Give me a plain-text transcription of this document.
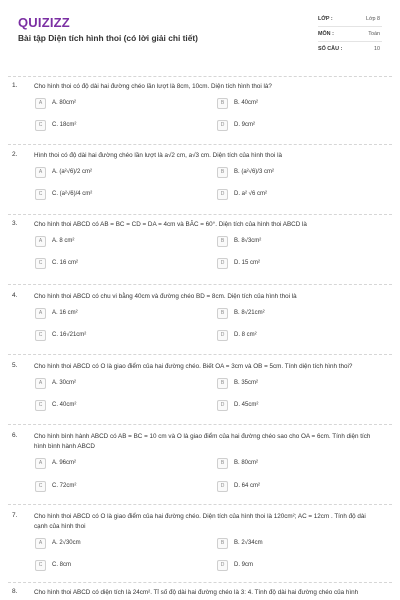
QUIZIZZ
Bài tập Diện tích hình thoi (có lời giải chi tiết)
LỚP :	Lớp 8
MÔN :	Toán
SỐ CÂU :	10
1.	Cho hình thoi có độ dài hai đường chéo lần lượt là 8cm, 10cm. Diện tích hình thoi là?
A	A. 80cm²	B	B. 40cm²
C	C. 18cm²	D	D. 9cm²
2.	Hình thoi có độ dài hai đường chéo lần lượt là a√2 cm, a√3 cm. Diện tích của hình thoi là
A	A. (a²√6)/2 cm²	B	B. (a²√6)/3 cm²
C	C. (a²√6)/4 cm²	D	D. a² √6 cm²
3.	Cho hình thoi ABCD có AB = BC = CD = DA = 4cm và BĀC = 60°. Diện tích của hình thoi ABCD là
A	A. 8 cm²	B	B. 8√3cm²
C	C. 16 cm²	D	D. 15 cm²
4.	Cho hình thoi ABCD có chu vi bằng 40cm và đường chéo BD = 8cm. Diện tích của hình thoi là
A	A. 16 cm²	B	B. 8√21cm²
C	C. 16√21cm²	D	D. 8 cm²
5.	Cho hình thoi ABCD có O là giao điểm của hai đường chéo. Biết OA = 3cm và OB = 5cm. Tính diện tích hình thoi?
A	A. 30cm²	B	B. 35cm²
C	C. 40cm²	D	D. 45cm²
6.	Cho hình bình hành ABCD có AB = BC = 10 cm và O là giao điểm của hai đường chéo sao cho OA = 6cm. Tính diện tích hình bình hành ABCD
A	A. 96cm²	B	B. 80cm²
C	C. 72cm²	D	D. 64 cm²
7.	Cho hình thoi ABCD có O là giao điểm của hai đường chéo. Diện tích của hình thoi là 120cm²; AC = 12cm . Tính độ dài cạnh của hình thoi
A	A. 2√30cm	B	B. 2√34cm
C	C. 8cm	D	D. 9cm
8.	Cho hình thoi ABCD có diện tích là 24cm². Tỉ số độ dài hai đường chéo là 3: 4. Tính độ dài hai đường chéo của hình
